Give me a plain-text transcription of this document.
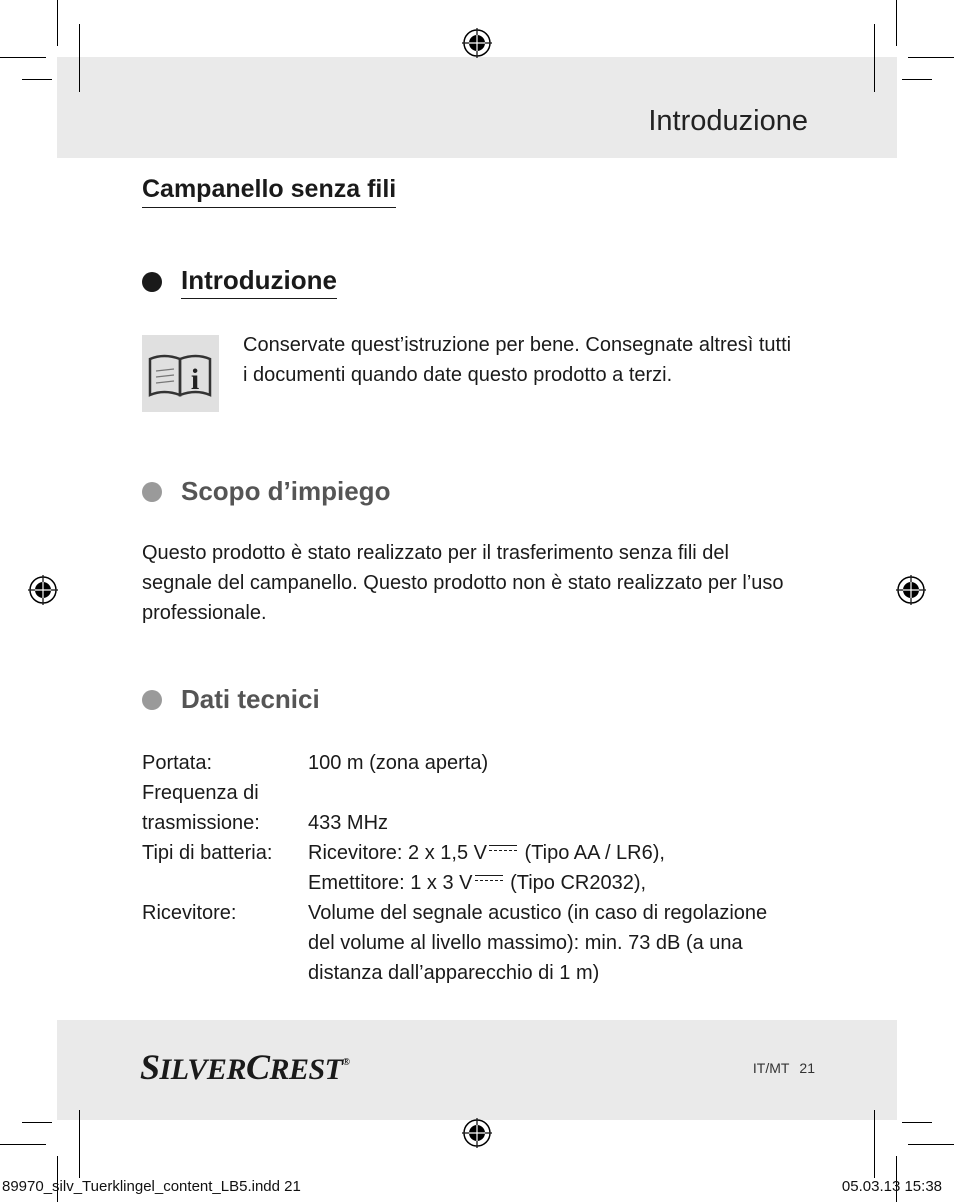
Introduzione
Campanello senza fili
Introduzione
i
Conservate quest’istruzione per bene. Consegnate altresì tutti
i documenti quando date questo prodotto a terzi.
Scopo d’impiego
Questo prodotto è stato realizzato per il trasferimento senza fili del
segnale del campanello. Questo prodotto non è stato realizzato per l’uso
professionale.
Dati tecnici
Portata:	100 m (zona aperta)
Frequenza di
trasmissione:	433 MHz
Tipi di batteria:	Ricevitore: 2 x 1,5 V (Tipo AA / LR6),
Emettitore: 1 x 3 V (Tipo CR2032),
Ricevitore:	Volume del segnale acustico (in caso di regolazione
del volume al livello massimo): min. 73 dB (a una
distanza dall’apparecchio di 1 m)
SILVERCREST®	IT/MT 21
89970_silv_Tuerklingel_content_LB5.indd 21	05.03.13 15:38
